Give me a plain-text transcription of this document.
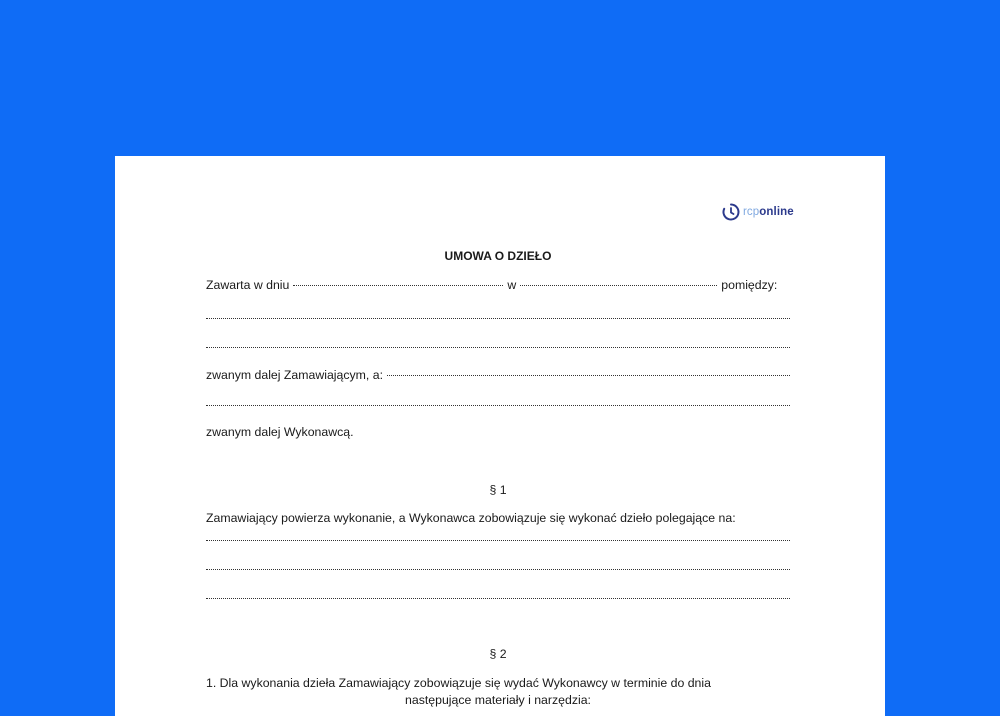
rcp online
UMOWA O DZIEŁO
Zawarta w dniu	w	pomiędzy:
zwanym dalej Zamawiającym, a:
zwanym dalej Wykonawcą.
§ 1
Zamawiający powierza wykonanie, a Wykonawca zobowiązuje się wykonać dzieło polegające na:
§ 2
1. Dla wykonania dzieła Zamawiający zobowiązuje się wydać Wykonawcy w terminie do dnia
następujące materiały i narzędzia:
